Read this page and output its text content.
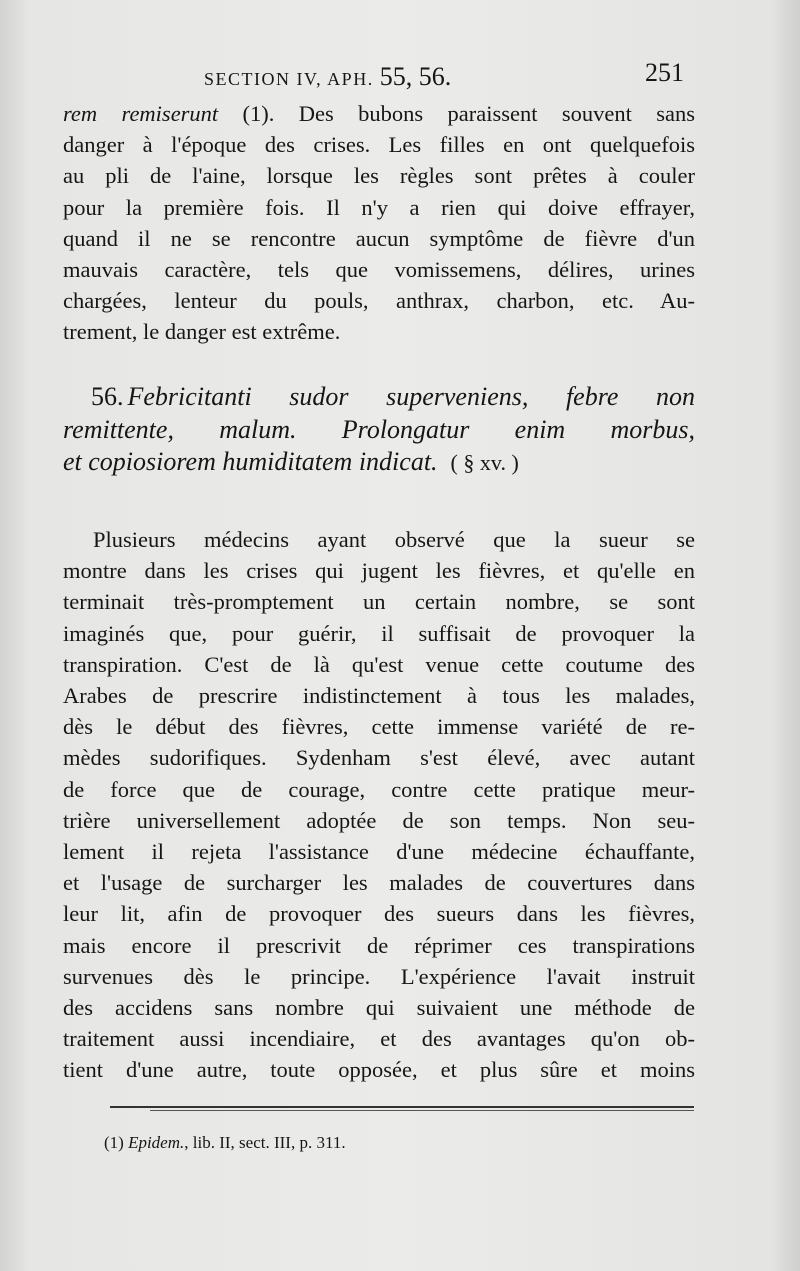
SECTION IV, APH. 55, 56.	251
rem remiserunt (1). Des bubons paraissent souvent sans
danger à l'époque des crises. Les filles en ont quelquefois
au pli de l'aine, lorsque les règles sont prêtes à couler
pour la première fois. Il n'y a rien qui doive effrayer,
quand il ne se rencontre aucun symptôme de fièvre d'un
mauvais caractère, tels que vomissemens, délires, urines
chargées, lenteur du pouls, anthrax, charbon, etc. Au-
trement, le danger est extrême.
56. Febricitanti sudor superveniens, febre non
remittente, malum. Prolongatur enim morbus,
et copiosiorem humiditatem indicat. ( § xv. )
Plusieurs médecins ayant observé que la sueur se
montre dans les crises qui jugent les fièvres, et qu'elle en
terminait très-promptement un certain nombre, se sont
imaginés que, pour guérir, il suffisait de provoquer la
transpiration. C'est de là qu'est venue cette coutume des
Arabes de prescrire indistinctement à tous les malades,
dès le début des fièvres, cette immense variété de re-
mèdes sudorifiques. Sydenham s'est élevé, avec autant
de force que de courage, contre cette pratique meur-
trière universellement adoptée de son temps. Non seu-
lement il rejeta l'assistance d'une médecine échauffante,
et l'usage de surcharger les malades de couvertures dans
leur lit, afin de provoquer des sueurs dans les fièvres,
mais encore il prescrivit de réprimer ces transpirations
survenues dès le principe. L'expérience l'avait instruit
des accidens sans nombre qui suivaient une méthode de
traitement aussi incendiaire, et des avantages qu'on ob-
tient d'une autre, toute opposée, et plus sûre et moins
(1) Epidem., lib. II, sect. III, p. 311.
